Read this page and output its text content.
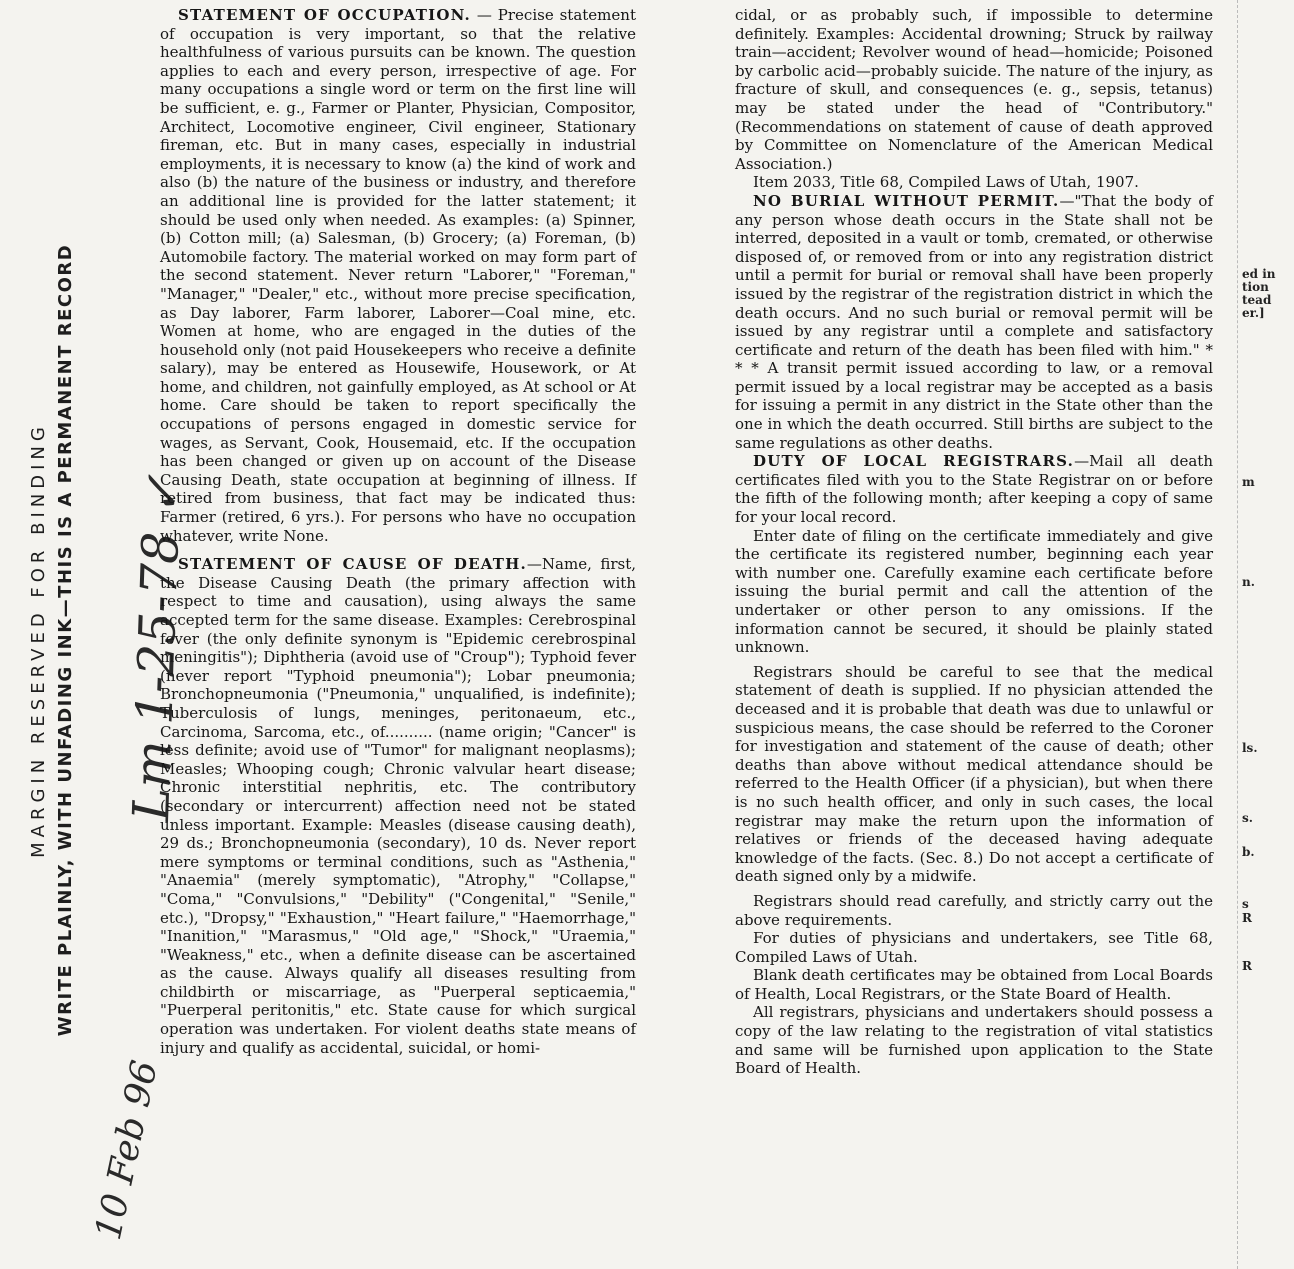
MARGIN RESERVED FOR BINDING WRITE PLAINLY, WITH UNFADING INK—THIS IS A PERMANENT RECORD Lm 1-25-78 ✓
10 Feb 96

STATEMENT OF OCCUPATION. — Precise statement of occupation is very important, so that the relative healthfulness of various pursuits can be known. The question applies to each and every person, irrespective of age. For many occupations a single word or term on the first line will be sufficient, e. g., Farmer or Planter, Physician, Compositor, Architect, Locomotive engineer, Civil engineer, Stationary fireman, etc. But in many cases, especially in industrial employments, it is necessary to know (a) the kind of work and also (b) the nature of the business or industry, and therefore an additional line is provided for the latter statement; it should be used only when needed. As examples: (a) Spinner, (b) Cotton mill; (a) Salesman, (b) Grocery; (a) Foreman, (b) Automobile factory. The material worked on may form part of the second statement. Never return "Laborer," "Foreman," "Manager," "Dealer," etc., without more precise specification, as Day laborer, Farm laborer, Laborer—Coal mine, etc. Women at home, who are engaged in the duties of the household only (not paid Housekeepers who receive a definite salary), may be entered as Housewife, Housework, or At home, and children, not gainfully employed, as At school or At home. Care should be taken to report specifically the occupations of persons engaged in domestic service for wages, as Servant, Cook, Housemaid, etc. If the occupation has been changed or given up on account of the Disease Causing Death, state occupation at beginning of illness. If retired from business, that fact may be indicated thus: Farmer (retired, 6 yrs.). For persons who have no occupation whatever, write None.

STATEMENT OF CAUSE OF DEATH.—Name, first, the Disease Causing Death (the primary affection with respect to time and causation), using always the same accepted term for the same disease. Examples: Cerebrospinal fever (the only definite synonym is "Epidemic cerebrospinal meningitis"); Diphtheria (avoid use of "Croup"); Typhoid fever (never report "Typhoid pneumonia"); Lobar pneumonia; Bronchopneumonia ("Pneumonia," unqualified, is indefinite); Tuberculosis of lungs, meninges, peritonaeum, etc., Carcinoma, Sarcoma, etc., of.......... (name origin; "Cancer" is less definite; avoid use of "Tumor" for malignant neoplasms); Measles; Whooping cough; Chronic valvular heart disease; Chronic interstitial nephritis, etc. The contributory (secondary or intercurrent) affection need not be stated unless important. Example: Measles (disease causing death), 29 ds.; Bronchopneumonia (secondary), 10 ds. Never report mere symptoms or terminal conditions, such as "Asthenia," "Anaemia" (merely symptomatic), "Atrophy," "Collapse," "Coma," "Convulsions," "Debility" ("Congenital," "Senile," etc.), "Dropsy," "Exhaustion," "Heart failure," "Haemorrhage," "Inanition," "Marasmus," "Old age," "Shock," "Uraemia," "Weakness," etc., when a definite disease can be ascertained as the cause. Always qualify all diseases resulting from childbirth or miscarriage, as "Puerperal septicaemia," "Puerperal peritonitis," etc. State cause for which surgical operation was undertaken. For violent deaths state means of injury and qualify as accidental, suicidal, or homi-

cidal, or as probably such, if impossible to determine definitely. Examples: Accidental drowning; Struck by railway train—accident; Revolver wound of head—homicide; Poisoned by carbolic acid—probably suicide. The nature of the injury, as fracture of skull, and consequences (e. g., sepsis, tetanus) may be stated under the head of "Contributory." (Recommendations on statement of cause of death approved by Committee on Nomenclature of the American Medical Association.)

Item 2033, Title 68, Compiled Laws of Utah, 1907.

NO BURIAL WITHOUT PERMIT.—"That the body of any person whose death occurs in the State shall not be interred, deposited in a vault or tomb, cremated, or otherwise disposed of, or removed from or into any registration district until a permit for burial or removal shall have been properly issued by the registrar of the registration district in which the death occurs. And no such burial or removal permit will be issued by any registrar until a complete and satisfactory certificate and return of the death has been filed with him." * * * A transit permit issued according to law, or a removal permit issued by a local registrar may be accepted as a basis for issuing a permit in any district in the State other than the one in which the death occurred. Still births are subject to the same regulations as other deaths.

DUTY OF LOCAL REGISTRARS.—Mail all death certificates filed with you to the State Registrar on or before the fifth of the following month; after keeping a copy of same for your local record.

Enter date of filing on the certificate immediately and give the certificate its registered number, beginning each year with number one. Carefully examine each certificate before issuing the burial permit and call the attention of the undertaker or other person to any omissions. If the information cannot be secured, it should be plainly stated unknown.

Registrars should be careful to see that the medical statement of death is supplied. If no physician attended the deceased and it is probable that death was due to unlawful or suspicious means, the case should be referred to the Coroner for investigation and statement of the cause of death; other deaths than above without medical attendance should be referred to the Health Officer (if a physician), but when there is no such health officer, and only in such cases, the local registrar may make the return upon the information of relatives or friends of the deceased having adequate knowledge of the facts. (Sec. 8.) Do not accept a certificate of death signed only by a midwife.

Registrars should read carefully, and strictly carry out the above requirements.

For duties of physicians and undertakers, see Title 68, Compiled Laws of Utah.

Blank death certificates may be obtained from Local Boards of Health, Local Registrars, or the State Board of Health.

All registrars, physicians and undertakers should possess a copy of the law relating to the registration of vital statistics and same will be furnished upon application to the State Board of Health.

ed in
tion
tead
er.]
m
n.
ls.
s.
b.
s
R
R
